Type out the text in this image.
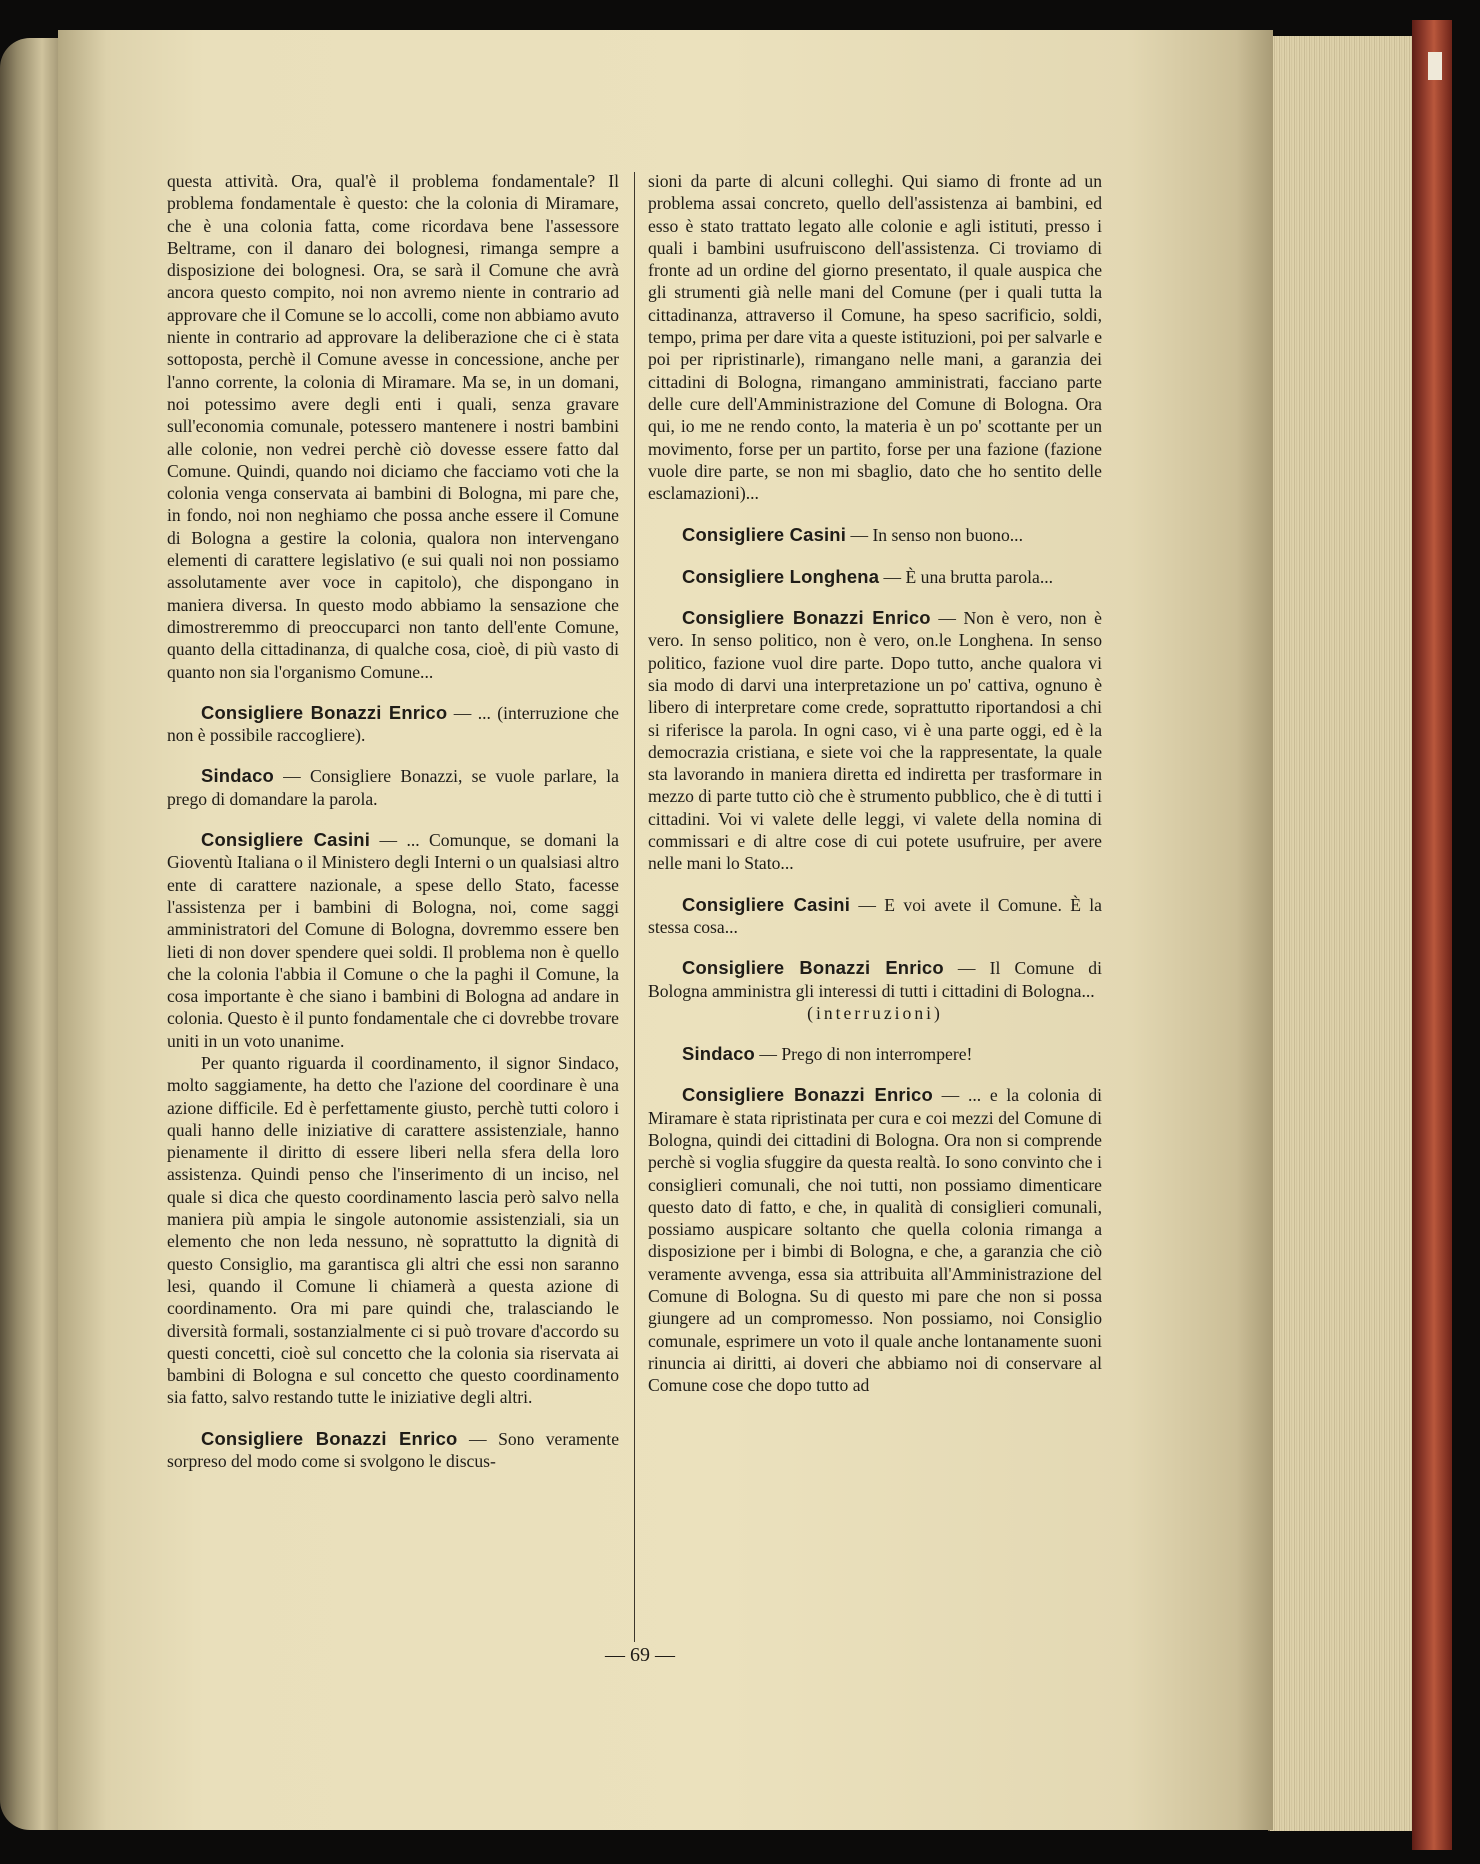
questa attività. Ora, qual'è il problema fondamentale? Il problema fondamentale è questo: che la colonia di Miramare, che è una colonia fatta, come ricordava bene l'assessore Beltrame, con il danaro dei bolognesi, rimanga sempre a disposizione dei bolognesi. Ora, se sarà il Comune che avrà ancora questo compito, noi non avremo niente in contrario ad approvare che il Comune se lo accolli, come non abbiamo avuto niente in contrario ad approvare la deliberazione che ci è stata sottoposta, perchè il Comune avesse in concessione, anche per l'anno corrente, la colonia di Miramare. Ma se, in un domani, noi potessimo avere degli enti i quali, senza gravare sull'economia comunale, potessero mantenere i nostri bambini alle colonie, non vedrei perchè ciò dovesse essere fatto dal Comune. Quindi, quando noi diciamo che facciamo voti che la colonia venga conservata ai bambini di Bologna, mi pare che, in fondo, noi non neghiamo che possa anche essere il Comune di Bologna a gestire la colonia, qualora non intervengano elementi di carattere legislativo (e sui quali noi non possiamo assolutamente aver voce in capitolo), che dispongano in maniera diversa. In questo modo abbiamo la sensazione che dimostreremmo di preoccuparci non tanto dell'ente Comune, quanto della cittadinanza, di qualche cosa, cioè, di più vasto di quanto non sia l'organismo Comune...

Consigliere Bonazzi Enrico — ... (interruzione che non è possibile raccogliere).

Sindaco — Consigliere Bonazzi, se vuole parlare, la prego di domandare la parola.

Consigliere Casini — ... Comunque, se domani la Gioventù Italiana o il Ministero degli Interni o un qualsiasi altro ente di carattere nazionale, a spese dello Stato, facesse l'assistenza per i bambini di Bologna, noi, come saggi amministratori del Comune di Bologna, dovremmo essere ben lieti di non dover spendere quei soldi. Il problema non è quello che la colonia l'abbia il Comune o che la paghi il Comune, la cosa importante è che siano i bambini di Bologna ad andare in colonia. Questo è il punto fondamentale che ci dovrebbe trovare uniti in un voto unanime.

Per quanto riguarda il coordinamento, il signor Sindaco, molto saggiamente, ha detto che l'azione del coordinare è una azione difficile. Ed è perfettamente giusto, perchè tutti coloro i quali hanno delle iniziative di carattere assistenziale, hanno pienamente il diritto di essere liberi nella sfera della loro assistenza. Quindi penso che l'inserimento di un inciso, nel quale si dica che questo coordinamento lascia però salvo nella maniera più ampia le singole autonomie assistenziali, sia un elemento che non leda nessuno, nè soprattutto la dignità di questo Consiglio, ma garantisca gli altri che essi non saranno lesi, quando il Comune li chiamerà a questa azione di coordinamento. Ora mi pare quindi che, tralasciando le diversità formali, sostanzialmente ci si può trovare d'accordo su questi concetti, cioè sul concetto che la colonia sia riservata ai bambini di Bologna e sul concetto che questo coordinamento sia fatto, salvo restando tutte le iniziative degli altri.

Consigliere Bonazzi Enrico — Sono veramente sorpreso del modo come si svolgono le discus-

sioni da parte di alcuni colleghi. Qui siamo di fronte ad un problema assai concreto, quello dell'assistenza ai bambini, ed esso è stato trattato legato alle colonie e agli istituti, presso i quali i bambini usufruiscono dell'assistenza. Ci troviamo di fronte ad un ordine del giorno presentato, il quale auspica che gli strumenti già nelle mani del Comune (per i quali tutta la cittadinanza, attraverso il Comune, ha speso sacrificio, soldi, tempo, prima per dare vita a queste istituzioni, poi per salvarle e poi per ripristinarle), rimangano nelle mani, a garanzia dei cittadini di Bologna, rimangano amministrati, facciano parte delle cure dell'Amministrazione del Comune di Bologna. Ora qui, io me ne rendo conto, la materia è un po' scottante per un movimento, forse per un partito, forse per una fazione (fazione vuole dire parte, se non mi sbaglio, dato che ho sentito delle esclamazioni)...

Consigliere Casini — In senso non buono...

Consigliere Longhena — È una brutta parola...

Consigliere Bonazzi Enrico — Non è vero, non è vero. In senso politico, non è vero, on.le Longhena. In senso politico, fazione vuol dire parte. Dopo tutto, anche qualora vi sia modo di darvi una interpretazione un po' cattiva, ognuno è libero di interpretare come crede, soprattutto riportandosi a chi si riferisce la parola. In ogni caso, vi è una parte oggi, ed è la democrazia cristiana, e siete voi che la rappresentate, la quale sta lavorando in maniera diretta ed indiretta per trasformare in mezzo di parte tutto ciò che è strumento pubblico, che è di tutti i cittadini. Voi vi valete delle leggi, vi valete della nomina di commissari e di altre cose di cui potete usufruire, per avere nelle mani lo Stato...

Consigliere Casini — E voi avete il Comune. È la stessa cosa...

Consigliere Bonazzi Enrico — Il Comune di Bologna amministra gli interessi di tutti i cittadini di Bologna...

(interruzioni)

Sindaco — Prego di non interrompere!

Consigliere Bonazzi Enrico — ... e la colonia di Miramare è stata ripristinata per cura e coi mezzi del Comune di Bologna, quindi dei cittadini di Bologna. Ora non si comprende perchè si voglia sfuggire da questa realtà. Io sono convinto che i consiglieri comunali, che noi tutti, non possiamo dimenticare questo dato di fatto, e che, in qualità di consiglieri comunali, possiamo auspicare soltanto che quella colonia rimanga a disposizione per i bimbi di Bologna, e che, a garanzia che ciò veramente avvenga, essa sia attribuita all'Amministrazione del Comune di Bologna. Su di questo mi pare che non si possa giungere ad un compromesso. Non possiamo, noi Consiglio comunale, esprimere un voto il quale anche lontanamente suoni rinuncia ai diritti, ai doveri che abbiamo noi di conservare al Comune cose che dopo tutto ad

— 69 —
